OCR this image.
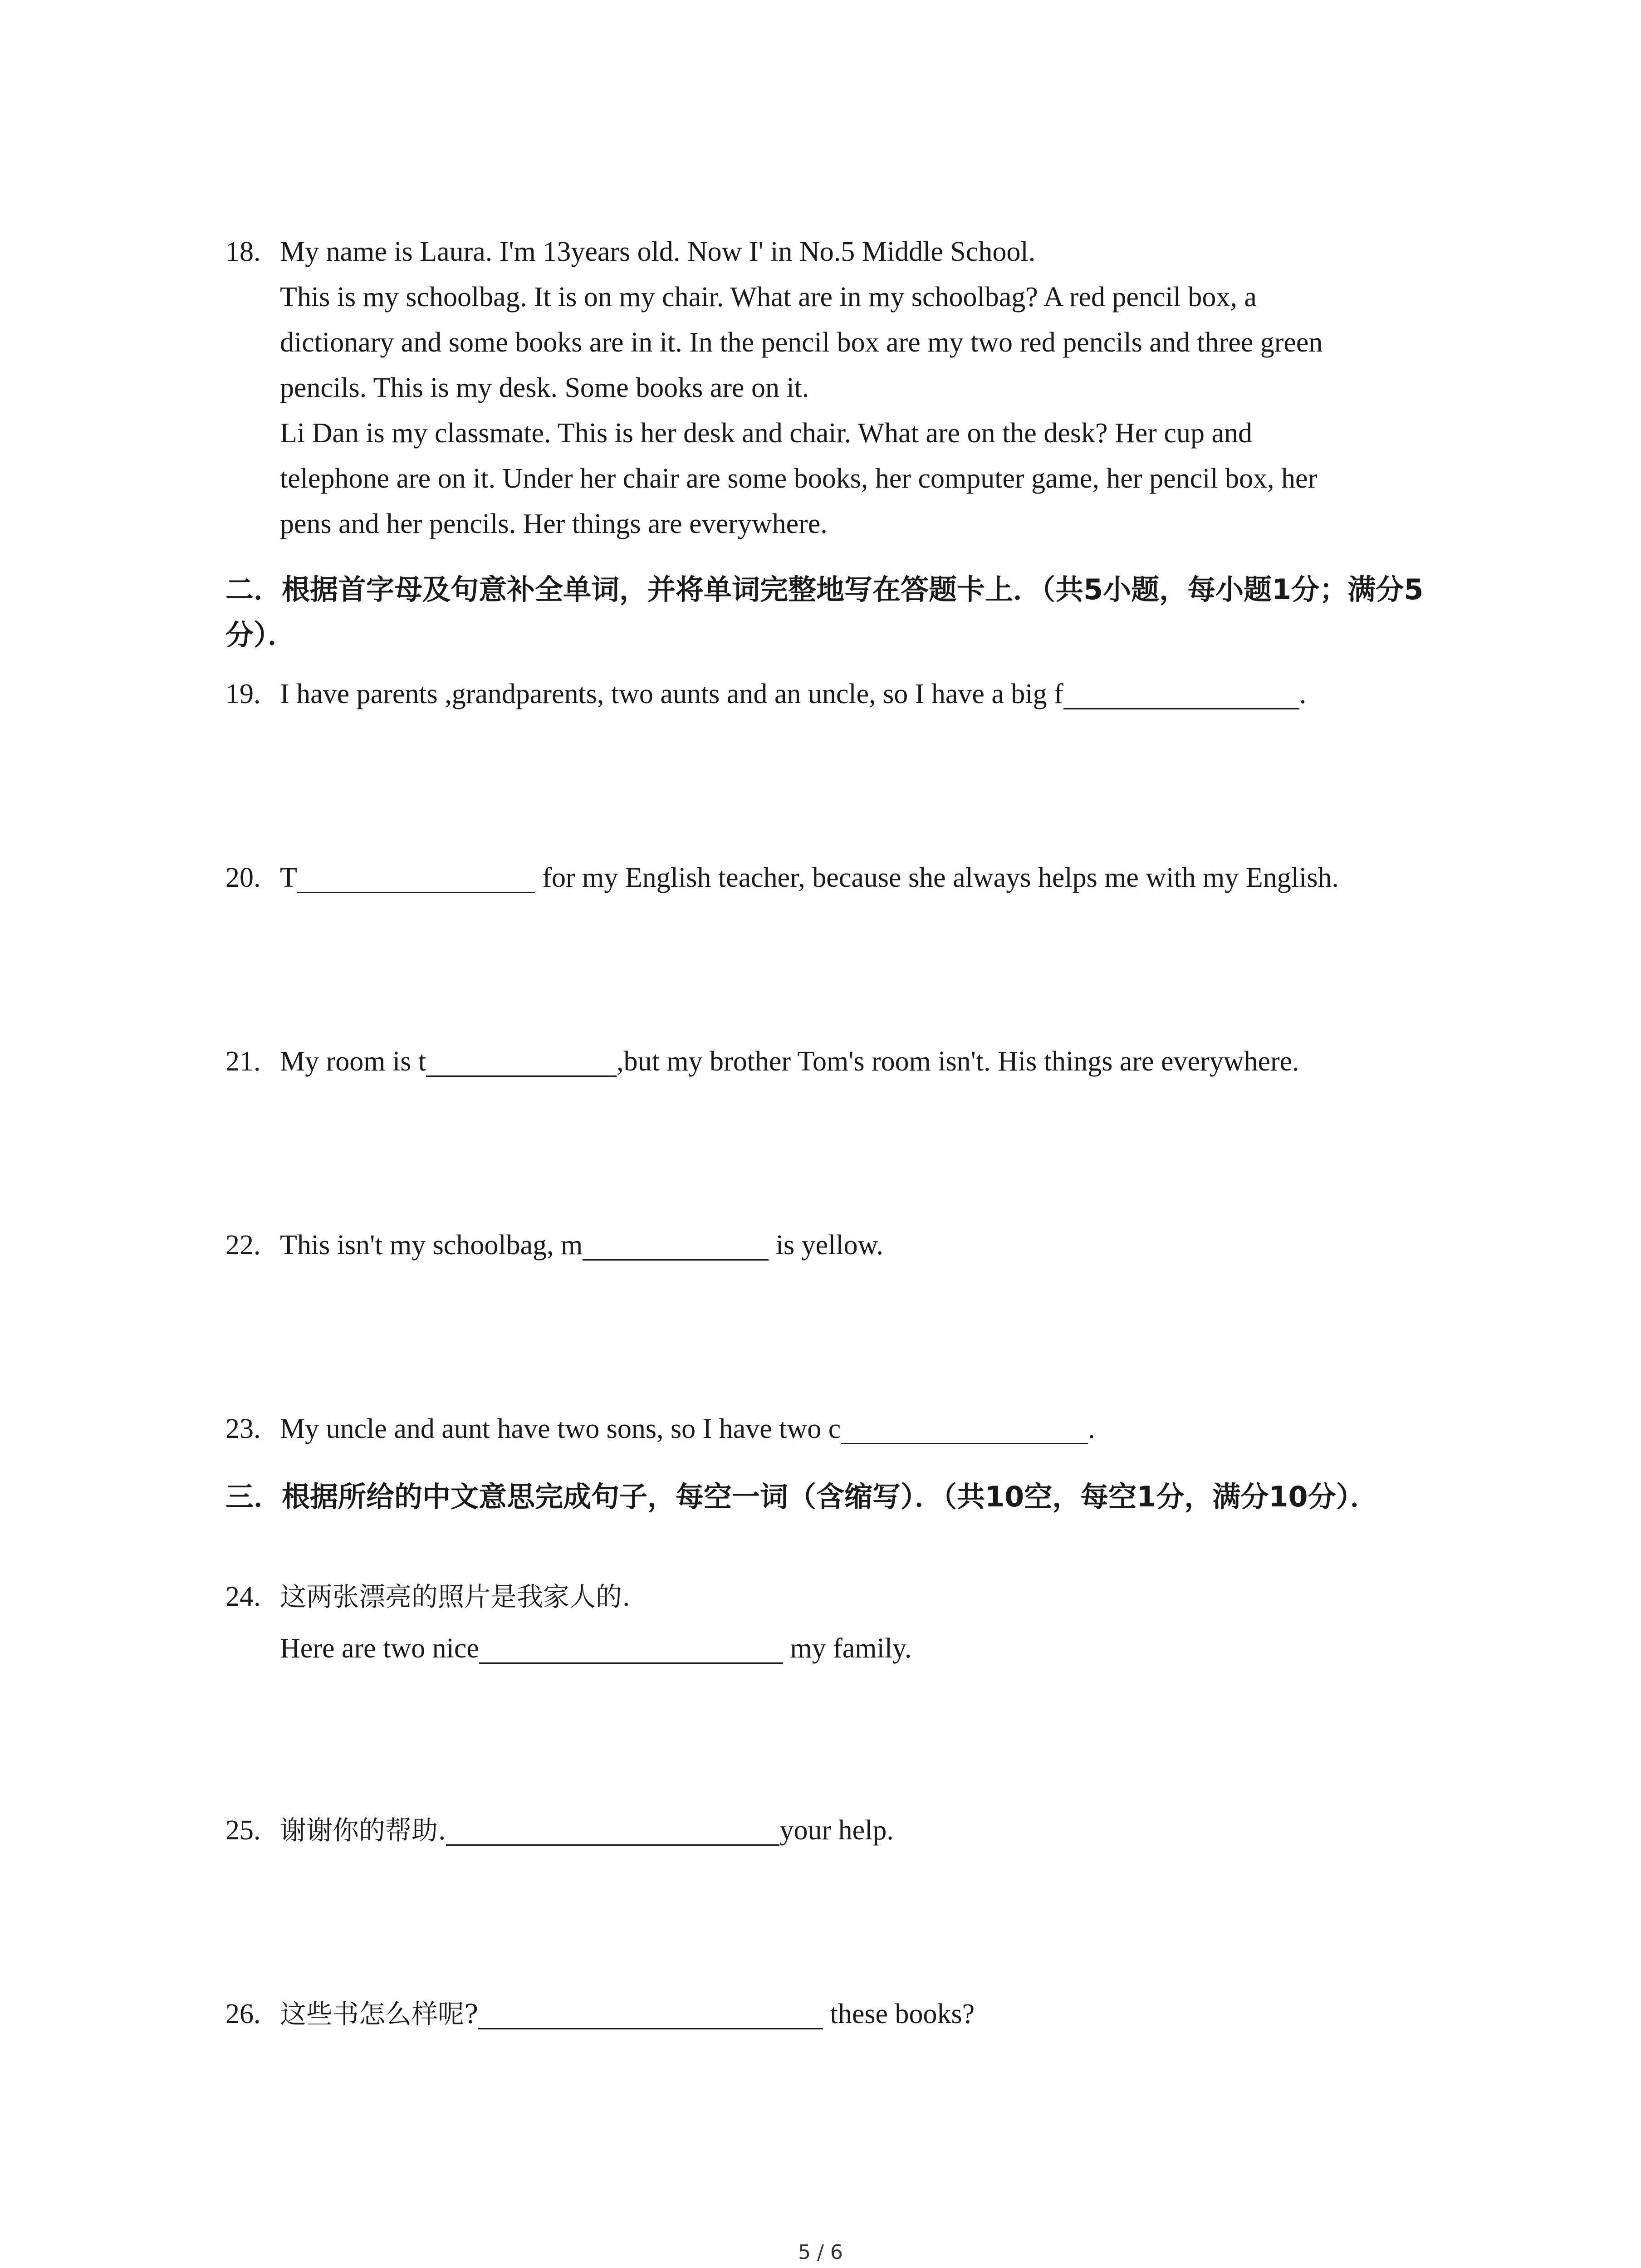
18. My name is Laura. I'm 13years old. Now I' in No.5 Middle School.
This is my schoolbag. It is on my chair. What are in my schoolbag? A red pencil box, a
dictionary and some books are in it. In the pencil box are my two red pencils and three green
pencils. This is my desk. Some books are on it.
Li Dan is my classmate. This is her desk and chair. What are on the desk? Her cup and
telephone are on it. Under her chair are some books, her computer game, her pencil box, her
pens and her pencils. Her things are everywhere.
二．根据首字母及句意补全单词，并将单词完整地写在答题卡上．（共5小题，每小题1分；满分5分）．
19. I have parents ,grandparents, two aunts and an uncle, so I have a big f	.
20. T	for my English teacher, because she always helps me with my English.
21. My room is t	,but my brother Tom's room isn't. His things are everywhere.
22. This isn't my schoolbag, m	is yellow.
23. My uncle and aunt have two sons, so I have two c	.
三．根据所给的中文意思完成句子，每空一词（含缩写）．（共10空，每空1分，满分10分）．
24. 这两张漂亮的照片是我家人的.
Here are two nice	my family.
25. 谢谢你的帮助.	your help.
26. 这些书怎么样呢?	these books?
5 / 6
